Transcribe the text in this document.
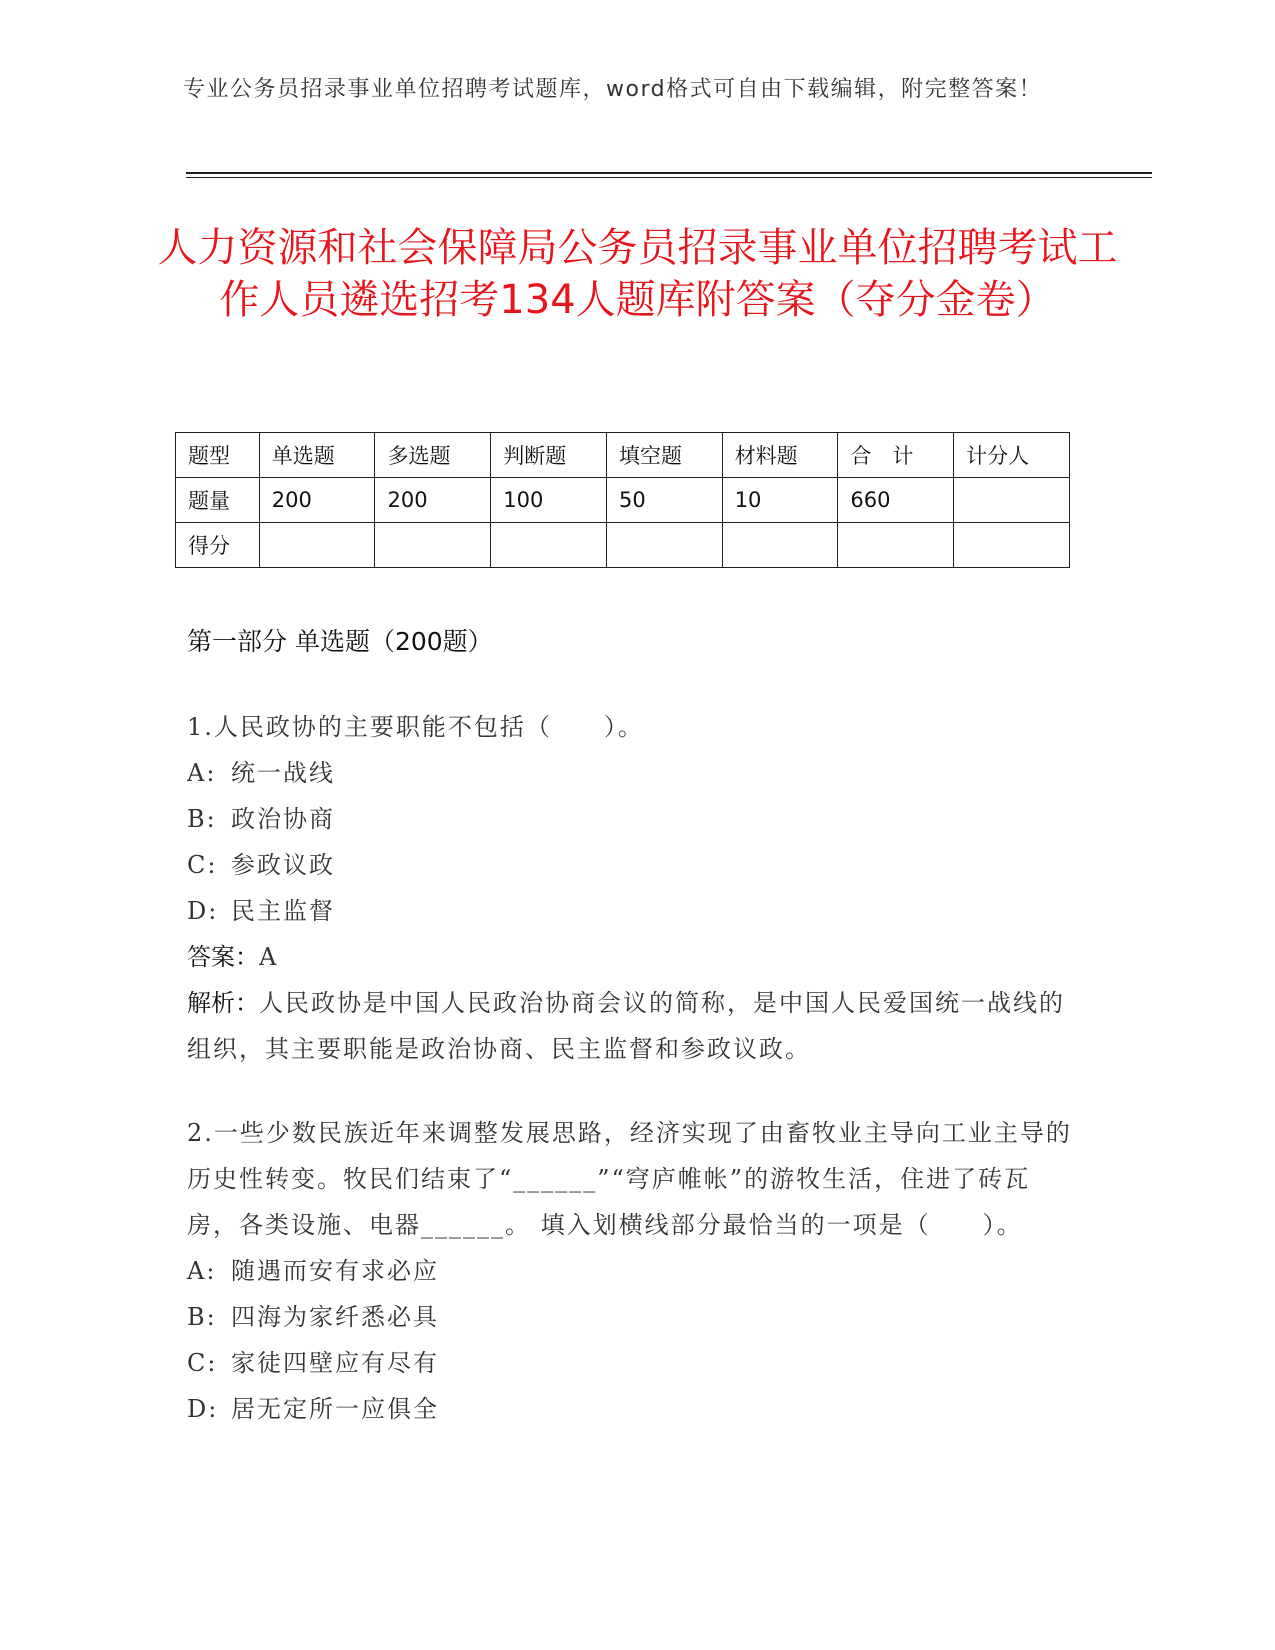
专业公务员招录事业单位招聘考试题库，word格式可自由下载编辑，附完整答案！
人力资源和社会保障局公务员招录事业单位招聘考试工作人员遴选招考134人题库附答案（夺分金卷）
题型	单选题	多选题	判断题	填空题	材料题	合　计	计分人
题量	200	200	100	50	10	660	
得分							
第一部分 单选题（200题）
1.人民政协的主要职能不包括（　　）。
A: 统一战线
B: 政治协商
C: 参政议政
D: 民主监督
答案：A
解析：人民政协是中国人民政治协商会议的简称，是中国人民爱国统一战线的组织，其主要职能是政治协商、民主监督和参政议政。
2.一些少数民族近年来调整发展思路，经济实现了由畜牧业主导向工业主导的历史性转变。牧民们结束了“______”“穹庐帷帐”的游牧生活，住进了砖瓦房，各类设施、电器______。 填入划横线部分最恰当的一项是（　　）。
A: 随遇而安有求必应
B: 四海为家纤悉必具
C: 家徒四壁应有尽有
D: 居无定所一应俱全
